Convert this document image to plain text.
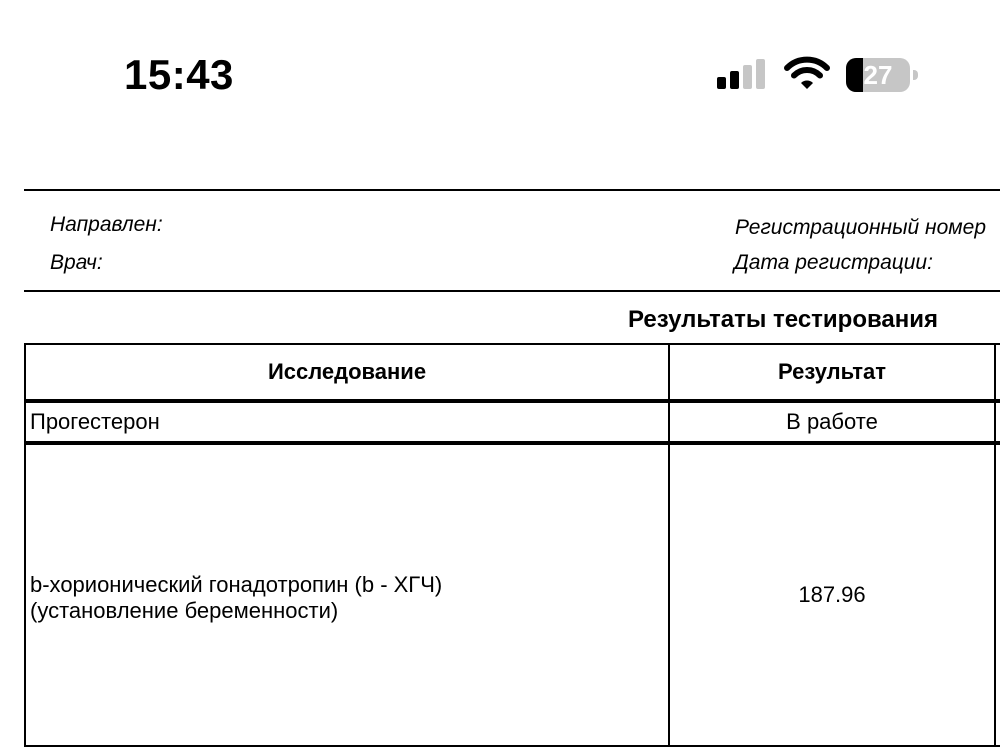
15:43	27
Направлен:
Врач:
Регистрационный номер
Дата регистрации:
Результаты тестирования
Исследование	Результат	
Прогестерон	В работе	

b-хорионический гонадотропин (b - ХГЧ)
(установление беременности)	187.96	
